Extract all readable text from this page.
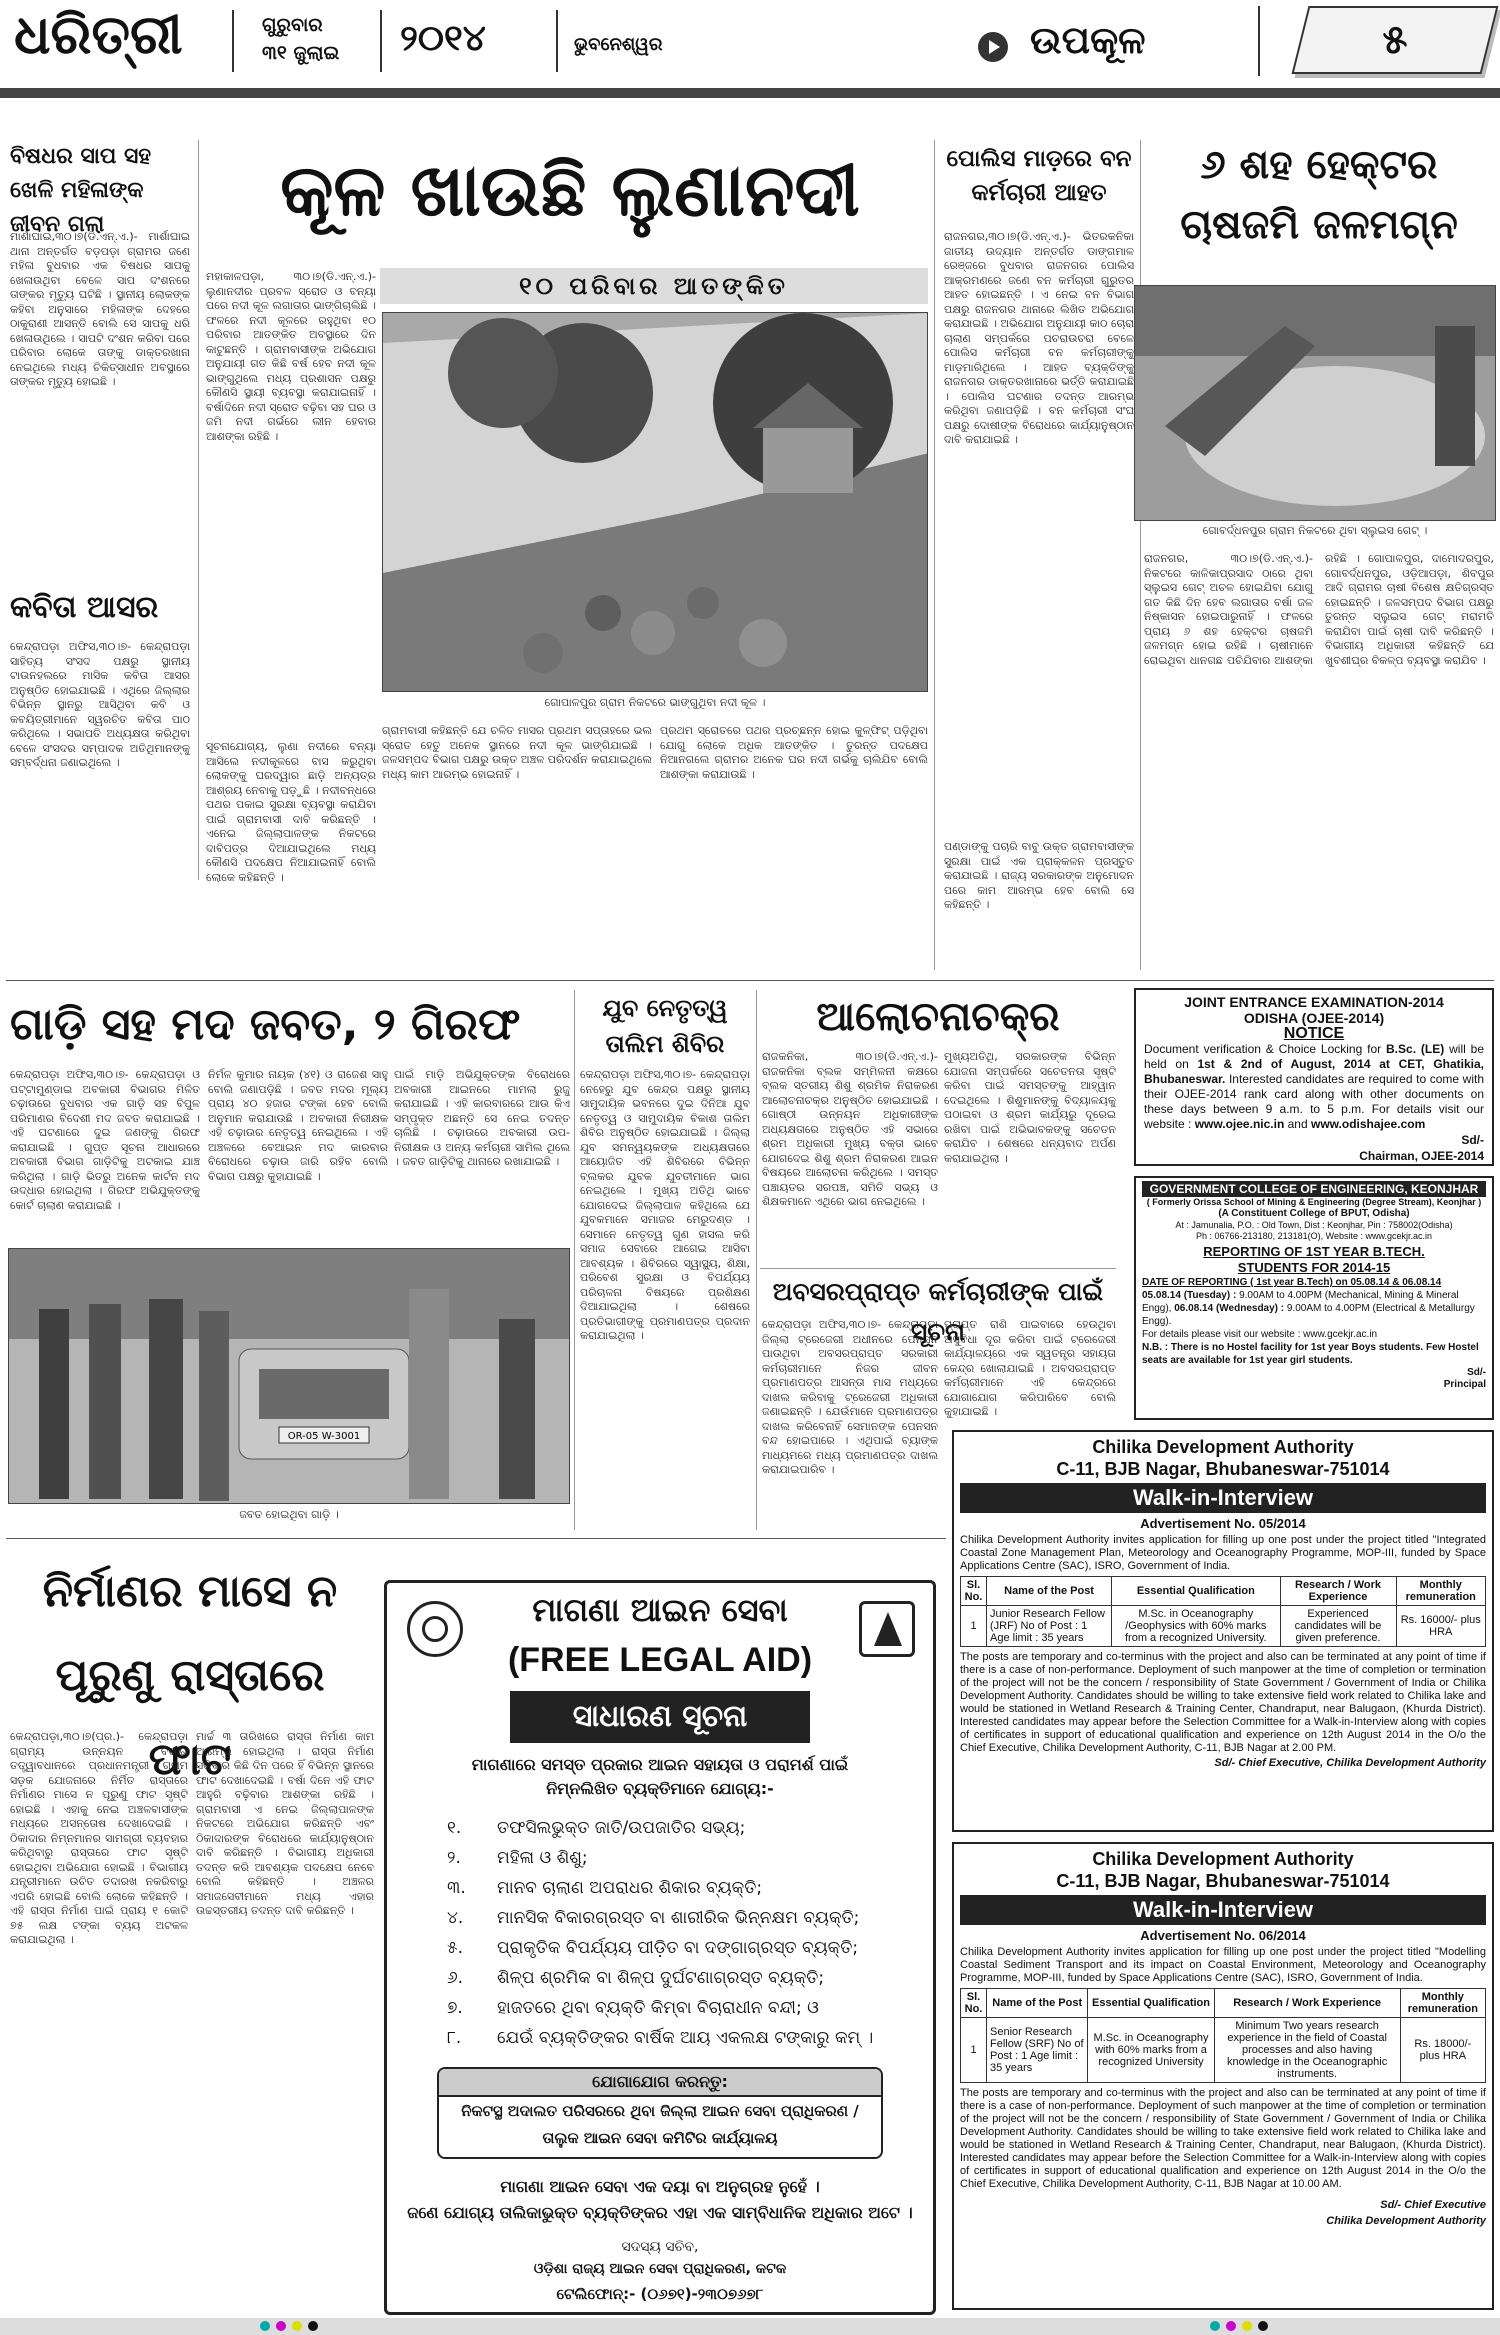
ଧରିତ୍ରୀ	ଗୁରୁବାର
୩୧ ଜୁଲାଇ ୨୦୧୪	ଭୁବନେଶ୍ୱର	ଉପକୂଳ	୫
ବିଷଧର ସାପ ସହ ଖେଳି ମହିଳାଙ୍କ ଜୀବନ ଗଲା
ମାର୍ଶାଘାଇ,୩୦।୭(ଡି.ଏନ୍.ଏ.)- ମାର୍ଶାଘାଇ ଥାନା ଅନ୍ତର୍ଗତ ବଡ଼ପଡ଼ା ଗ୍ରାମର ଜଣେ ମହିଳା ବୁଧବାର ଏକ ବିଷଧର ସାପକୁ ଖେଳାଉଥିବା ବେଳେ ସାପ ଦଂଶନରେ ତାଙ୍କର ମୃତ୍ୟୁ ଘଟିଛି । ସ୍ଥାନୀୟ ଲୋକଙ୍କ କହିବା ଅନୁସାରେ ମହିଳାଙ୍କ ଦେହରେ ଠାକୁରାଣୀ ଆସନ୍ତି ବୋଲି ସେ ସାପକୁ ଧରି ଖେଳାଉଥିଲେ । ସାପଟି ଦଂଶନ କରିବା ପରେ ପରିବାର ଲୋକେ ତାଙ୍କୁ ଡାକ୍ତରଖାନା ନେଇଥିଲେ ମଧ୍ୟ ଚିକିତ୍ସାଧୀନ ଅବସ୍ଥାରେ ତାଙ୍କର ମୃତ୍ୟୁ ହୋଇଛି ।
କବିତା ଆସର
କେନ୍ଦ୍ରାପଡ଼ା ଅଫିସ,୩୦।୭- କେନ୍ଦ୍ରାପଡ଼ା ସାହିତ୍ୟ ସଂସଦ ପକ୍ଷରୁ ସ୍ଥାନୀୟ ଟାଉନହଲରେ ମାସିକ କବିତା ଆସର ଅନୁଷ୍ଠିତ ହୋଇଯାଇଛି । ଏଥିରେ ଜିଲ୍ଲାର ବିଭିନ୍ନ ସ୍ଥାନରୁ ଆସିଥିବା କବି ଓ କବୟିତ୍ରୀମାନେ ସ୍ୱରଚିତ କବିତା ପାଠ କରିଥିଲେ । ସଭାପତି ଅଧ୍ୟକ୍ଷତା କରିଥିବା ବେଳେ ସଂସଦର ସମ୍ପାଦକ ଅତିଥିମାନଙ୍କୁ ସମ୍ବର୍ଦ୍ଧନା ଜଣାଇଥିଲେ ।
କୂଳ ଖାଉଛି ଲୁଣାନଦୀ
୧୦ ପରିବାର ଆତଙ୍କିତ
ମହାକାଳପଡ଼ା, ୩୦।୭(ଡି.ଏନ୍.ଏ.)- ଲୁଣାନଦୀର ପ୍ରବଳ ସ୍ରୋତ ଓ ବନ୍ୟା ପରେ ନଦୀ କୂଳ ଲଗାତାର ଭାଙ୍ଗିଚାଲିଛି । ଫଳରେ ନଦୀ କୂଳରେ ରହୁଥିବା ୧୦ ପରିବାର ଆତଙ୍କିତ ଅବସ୍ଥାରେ ଦିନ କାଟୁଛନ୍ତି । ଗ୍ରାମବାସୀଙ୍କ ଅଭିଯୋଗ ଅନୁଯାୟୀ ଗତ କିଛି ବର୍ଷ ହେବ ନଦୀ କୂଳ ଭାଙ୍ଗୁଥିଲେ ମଧ୍ୟ ପ୍ରଶାସନ ପକ୍ଷରୁ କୌଣସି ସ୍ଥାୟୀ ବ୍ୟବସ୍ଥା କରାଯାଇନାହିଁ । ବର୍ଷାଦିନେ ନଦୀ ସ୍ରୋତ ବଢ଼ିବା ସହ ଘର ଓ ଜମି ନଦୀ ଗର୍ଭରେ ଲୀନ ହେବାର ଆଶଙ୍କା ରହିଛି ।
ଗୋପାଳପୁର ଗ୍ରାମ ନିକଟରେ ଭାଙ୍ଗୁଥିବା ନଦୀ କୂଳ ।
ସୂଚନାଯୋଗ୍ୟ, ଲୁଣା ନଦୀରେ ବନ୍ୟା ଆସିଲେ ନଦୀକୂଳରେ ବାସ କରୁଥିବା ଲୋକଙ୍କୁ ଘରଦ୍ୱାର ଛାଡ଼ି ଅନ୍ୟତ୍ର ଆଶ୍ରୟ ନେବାକୁ ପଡ଼ୁଛି । ନଦୀବନ୍ଧରେ ପଥର ପକାଇ ସୁରକ୍ଷା ବ୍ୟବସ୍ଥା କରାଯିବା ପାଇଁ ଗ୍ରାମବାସୀ ଦାବି କରିଛନ୍ତି । ଏନେଇ ଜିଲ୍ଲାପାଳଙ୍କ ନିକଟରେ ଦାବିପତ୍ର ଦିଆଯାଇଥିଲେ ମଧ୍ୟ କୌଣସି ପଦକ୍ଷେପ ନିଆଯାଇନାହିଁ ବୋଲି ଲୋକେ କହିଛନ୍ତି ।
ଗ୍ରାମବାସୀ କହିଛନ୍ତି ଯେ ଚଳିତ ମାସର ପ୍ରଥମ ସପ୍ତାହରେ ଭଲ ସ୍ରୋତ ହେତୁ ଅନେକ ସ୍ଥାନରେ ନଦୀ କୂଳ ଭାଙ୍ଗିଯାଇଛି । ଜଳସମ୍ପଦ ବିଭାଗ ପକ୍ଷରୁ ଉକ୍ତ ଅଞ୍ଚଳ ପରିଦର୍ଶନ କରାଯାଇଥିଲେ ମଧ୍ୟ କାମ ଆରମ୍ଭ ହୋଇନାହିଁ ।
ପ୍ରଥମ ସ୍ରୋତରେ ପଥର ପ୍ରଚ୍ଛନ୍ନ ହୋଇ କୁଳ୍ଫିଟ୍ ପଡ଼ିଥିବା ଯୋଗୁ ଲୋକେ ଅଧିକ ଆତଙ୍କିତ । ତୁରନ୍ତ ପଦକ୍ଷେପ ନିଆନଗଲେ ଗ୍ରାମର ଅନେକ ଘର ନଦୀ ଗର୍ଭକୁ ଚାଲିଯିବ ବୋଲି ଆଶଙ୍କା କରାଯାଉଛି ।
ପୋଲିସ ମାଡ଼ରେ ବନ କର୍ମଚାରୀ ଆହତ
ରାଜନଗର,୩୦।୭(ଡି.ଏନ୍.ଏ.)- ଭିତରକନିକା ଜାତୀୟ ଉଦ୍ୟାନ ଅନ୍ତର୍ଗତ ଡାଙ୍ଗମାଳ ରେଞ୍ଜରେ ବୁଧବାର ରାଜନଗର ପୋଲିସ ଆକ୍ରମଣରେ ଜଣେ ବନ କର୍ମଚାରୀ ଗୁରୁତର ଆହତ ହୋଇଛନ୍ତି । ଏ ନେଇ ବନ ବିଭାଗ ପକ୍ଷରୁ ରାଜନଗର ଥାନାରେ ଲିଖିତ ଅଭିଯୋଗ କରାଯାଇଛି । ଅଭିଯୋଗ ଅନୁଯାୟୀ କାଠ ଚୋରା ଚାଲାଣ ସମ୍ପର୍କରେ ପଚରାଉଚରା ବେଳେ ପୋଲିସ କର୍ମଚାରୀ ବନ କର୍ମଚାରୀଙ୍କୁ ମାଡ଼ମାରିଥିଲେ । ଆହତ ବ୍ୟକ୍ତିଙ୍କୁ ରାଜନଗର ଡାକ୍ତରଖାନାରେ ଭର୍ତ୍ତି କରାଯାଇଛି । ପୋଲିସ ଘଟଣାର ତଦନ୍ତ ଆରମ୍ଭ କରିଥିବା ଜଣାପଡ଼ିଛି । ବନ କର୍ମଚାରୀ ସଂଘ ପକ୍ଷରୁ ଦୋଷୀଙ୍କ ବିରୋଧରେ କାର୍ଯ୍ୟାନୁଷ୍ଠାନ ଦାବି କରାଯାଇଛି ।
ପଣ୍ଡାଙ୍କୁ ପଚାରି ବାବୁ ଉକ୍ତ ଗ୍ରାମବାସୀଙ୍କ ସୁରକ୍ଷା ପାଇଁ ଏକ ପ୍ରାକ୍କଳନ ପ୍ରସ୍ତୁତ କରାଯାଇଛି । ରାଜ୍ୟ ସରକାରଙ୍କ ଅନୁମୋଦନ ପରେ କାମ ଆରମ୍ଭ ହେବ ବୋଲି ସେ କହିଛନ୍ତି ।
୬ ଶହ ହେକ୍ଟର ଚାଷଜମି ଜଳମଗ୍ନ
ଗୋବର୍ଦ୍ଧନପୁର ଗ୍ରାମ ନିକଟରେ ଥିବା ସ୍ଲୁଇସ ଗେଟ୍ ।
ରାଜନଗର, ୩୦।୭(ଡି.ଏନ୍.ଏ.)- ନିକଟରେ କାଳିକାପ୍ରସାଦ ଠାରେ ଥିବା ସ୍ଲୁଇସ ଗେଟ୍ ଅଚଳ ହୋଇଯିବା ଯୋଗୁ ଗତ କିଛି ଦିନ ହେବ ଲଗାତାର ବର୍ଷା ଜଳ ନିଷ୍କାସନ ହୋଇପାରୁନାହିଁ । ଫଳରେ ପ୍ରାୟ ୬ ଶହ ହେକ୍ଟର ଚାଷଜମି ଜଳମଗ୍ନ ହୋଇ ରହିଛି । ଚାଷୀମାନେ ରୋଇଥିବା ଧାନଗଛ ପଚିଯିବାର ଆଶଙ୍କା ରହିଛି । ଗୋପାଳପୁର, ଦାମୋଦରପୁର, ଗୋବର୍ଦ୍ଧନପୁର, ଓଡ଼ିଆପଡ଼ା, ଶିବପୁର ଆଦି ଗ୍ରାମର ଚାଷୀ ବିଶେଷ କ୍ଷତିଗ୍ରସ୍ତ ହୋଇଛନ୍ତି । ଜଳସମ୍ପଦ ବିଭାଗ ପକ୍ଷରୁ ତୁରନ୍ତ ସ୍ଲୁଇସ ଗେଟ୍ ମରାମତି କରାଯିବା ପାଇଁ ଚାଷୀ ଦାବି କରିଛନ୍ତି । ବିଭାଗୀୟ ଅଧିକାରୀ କହିଛନ୍ତି ଯେ ଖୁବଶୀଘ୍ର ବିକଳ୍ପ ବ୍ୟବସ୍ଥା କରାଯିବ ।
ଗାଡ଼ି ସହ ମଦ ଜବତ, ୨ ଗିରଫ
କେନ୍ଦ୍ରାପଡ଼ା ଅଫିସ,୩୦।୭- କେନ୍ଦ୍ରାପଡ଼ା ଓ ପଟ୍ଟାମୁଣ୍ଡାଇ ଅବକାରୀ ବିଭାଗର ମିଳିତ ଚଢ଼ାଉରେ ବୁଧବାର ଏକ ଗାଡ଼ି ସହ ବିପୁଳ ପରିମାଣର ବିଦେଶୀ ମଦ ଜବତ କରାଯାଇଛି । ଏହି ଘଟଣାରେ ଦୁଇ ଜଣଙ୍କୁ ଗିରଫ କରାଯାଇଛି । ଗୁପ୍ତ ସୂଚନା ଆଧାରରେ ଅବକାରୀ ବିଭାଗ ଗାଡ଼ିଟିକୁ ଅଟକାଇ ଯାଞ୍ଚ କରିଥିଲା । ଗାଡ଼ି ଭିତରୁ ଅନେକ କାର୍ଟନ ମଦ ଉଦ୍ଧାର ହୋଇଥିଲା । ଗିରଫ ଅଭିଯୁକ୍ତଙ୍କୁ କୋର୍ଟ ଚାଲାଣ କରାଯାଇଛି ।
ନିର୍ମଳ କୁମାର ନାୟକ (୪୧) ଓ ରାଜେଶ ସାହୁ ବୋଲି ଜଣାପଡ଼ିଛି । ଜବତ ମଦର ମୂଲ୍ୟ ପ୍ରାୟ ୪୦ ହଜାର ଟଙ୍କା ହେବ ବୋଲି ଅନୁମାନ କରାଯାଉଛି । ଅବକାରୀ ନିରୀକ୍ଷକ ଏହି ଚଢ଼ାଉର ନେତୃତ୍ୱ ନେଇଥିଲେ । ଏହି ଅଞ୍ଚଳରେ ବେଆଇନ ମଦ କାରବାର ବିରୋଧରେ ଚଢ଼ାଉ ଜାରି ରହିବ ବୋଲି ବିଭାଗ ପକ୍ଷରୁ କୁହାଯାଇଛି ।
ପାଇଁ ମାଡ଼ି ଅଭିଯୁକ୍ତଙ୍କ ବିରୋଧରେ ଅବକାରୀ ଆଇନରେ ମାମଲା ରୁଜୁ କରାଯାଇଛି । ଏହି କାରବାରରେ ଆଉ କିଏ ସମ୍ପୃକ୍ତ ଅଛନ୍ତି ସେ ନେଇ ତଦନ୍ତ ଚାଲିଛି । ଚଢ଼ାଉରେ ଅବକାରୀ ଉପ-ନିରୀକ୍ଷକ ଓ ଅନ୍ୟ କର୍ମଚାରୀ ସାମିଲ ଥିଲେ । ଜବତ ଗାଡ଼ିଟିକୁ ଥାନାରେ ରଖାଯାଇଛି ।
OR-05 W-3001
ଜବତ ହୋଇଥିବା ଗାଡ଼ି ।
ଯୁବ ନେତୃତ୍ୱ ତାଲିମ ଶିବିର
କେନ୍ଦ୍ରାପଡ଼ା ଅଫିସ,୩୦।୭- କେନ୍ଦ୍ରାପଡ଼ା ନେହେରୁ ଯୁବ କେନ୍ଦ୍ର ପକ୍ଷରୁ ସ୍ଥାନୀୟ ସାମୁଦାୟିକ ଭବନରେ ଦୁଇ ଦିନିଆ ଯୁବ ନେତୃତ୍ୱ ଓ ସାମୁଦାୟିକ ବିକାଶ ତାଲିମ ଶିବିର ଅନୁଷ୍ଠିତ ହୋଇଯାଇଛି । ଜିଲ୍ଲା ଯୁବ ସମନ୍ୱୟକଙ୍କ ଅଧ୍ୟକ୍ଷତାରେ ଆୟୋଜିତ ଏହି ଶିବିରରେ ବିଭିନ୍ନ ବ୍ଲକର ଯୁବକ ଯୁବତୀମାନେ ଭାଗ ନେଇଥିଲେ । ମୁଖ୍ୟ ଅତିଥି ଭାବେ ଯୋଗଦେଇ ଜିଲ୍ଲାପାଳ କହିଥିଲେ ଯେ ଯୁବକମାନେ ସମାଜର ମେରୁଦଣ୍ଡ । ସେମାନେ ନେତୃତ୍ୱ ଗୁଣ ହାସଲ କରି ସମାଜ ସେବାରେ ଆଗେଇ ଆସିବା ଆବଶ୍ୟକ । ଶିବିରରେ ସ୍ୱାସ୍ଥ୍ୟ, ଶିକ୍ଷା, ପରିବେଶ ସୁରକ୍ଷା ଓ ବିପର୍ଯ୍ୟୟ ପରିଚାଳନା ବିଷୟରେ ପ୍ରଶିକ୍ଷଣ ଦିଆଯାଇଥିଲା । ଶେଷରେ ପ୍ରତିଭାଗୀଙ୍କୁ ପ୍ରମାଣପତ୍ର ପ୍ରଦାନ କରାଯାଇଥିଲା ।
ଆଲୋଚନାଚକ୍ର
ରାଜକନିକା, ୩୦।୭(ଡି.ଏନ୍.ଏ.)- ରାଜକନିକା ବ୍ଲକ ସମ୍ମିଳନୀ କକ୍ଷରେ ବ୍ଲକ ସ୍ତରୀୟ ଶିଶୁ ଶ୍ରମିକ ନିରାକରଣ ଆଲୋଚନାଚକ୍ର ଅନୁଷ୍ଠିତ ହୋଇଯାଇଛି । ଗୋଷ୍ଠୀ ଉନ୍ନୟନ ଅଧିକାରୀଙ୍କ ଅଧ୍ୟକ୍ଷତାରେ ଅନୁଷ୍ଠିତ ଏହି ସଭାରେ ଶ୍ରମ ଅଧିକାରୀ ମୁଖ୍ୟ ବକ୍ତା ଭାବେ ଯୋଗଦେଇ ଶିଶୁ ଶ୍ରମ ନିରାକରଣ ଆଇନ ବିଷୟରେ ଆଲୋଚନା କରିଥିଲେ । ସମସ୍ତ ପଞ୍ଚାୟତର ସରପଞ୍ଚ, ସମିତି ସଭ୍ୟ ଓ ଶିକ୍ଷକମାନେ ଏଥିରେ ଭାଗ ନେଇଥିଲେ ।
ମୁଖ୍ୟଅତିଥି, ସରକାରଙ୍କ ବିଭିନ୍ନ ଯୋଜନା ସମ୍ପର୍କରେ ସଚେତନତା ସୃଷ୍ଟି କରିବା ପାଇଁ ସମସ୍ତଙ୍କୁ ଆହ୍ୱାନ ଦେଇଥିଲେ । ଶିଶୁମାନଙ୍କୁ ବିଦ୍ୟାଳୟକୁ ପଠାଇବା ଓ ଶ୍ରମ କାର୍ଯ୍ୟରୁ ଦୂରେଇ ରଖିବା ପାଇଁ ଅଭିଭାବକଙ୍କୁ ସଚେତନ କରାଯିବ । ଶେଷରେ ଧନ୍ୟବାଦ ଅର୍ପଣ କରାଯାଇଥିଲା ।
ଅବସରପ୍ରାପ୍ତ କର୍ମଚାରୀଙ୍କ ପାଇଁ ସୂଚନା
କେନ୍ଦ୍ରାପଡ଼ା ଅଫିସ,୩୦।୭- କେନ୍ଦ୍ରାପଡ଼ା ଜିଲ୍ଲା ଟ୍ରେଜେରୀ ଅଧୀନରେ ପେନସନ ପାଉଥିବା ଅବସରପ୍ରାପ୍ତ ସରକାରୀ କର୍ମଚାରୀମାନେ ନିଜର ଜୀବନ ପ୍ରମାଣପତ୍ର ଆସନ୍ତା ମାସ ମଧ୍ୟରେ ଦାଖଲ କରିବାକୁ ଟ୍ରେଜେରୀ ଅଧିକାରୀ ଜଣାଇଛନ୍ତି । ଯେଉଁମାନେ ପ୍ରମାଣପତ୍ର ଦାଖଲ କରିବେନାହିଁ ସେମାନଙ୍କ ପେନସନ ବନ୍ଦ ହୋଇପାରେ । ଏଥିପାଇଁ ବ୍ୟାଙ୍କ ମାଧ୍ୟମରେ ମଧ୍ୟ ପ୍ରମାଣପତ୍ର ଦାଖଲ କରାଯାଇପାରିବ ।
ପ୍ରାପ୍ତ ରାଶି ପାଇବାରେ ହେଉଥିବା ଅସୁବିଧା ଦୂର କରିବା ପାଇଁ ଟ୍ରେଜେରୀ କାର୍ଯ୍ୟାଳୟରେ ଏକ ସ୍ୱତନ୍ତ୍ର ସହାୟତା କେନ୍ଦ୍ର ଖୋଲାଯାଇଛି । ଅବସରପ୍ରାପ୍ତ କର୍ମଚାରୀମାନେ ଏହି କେନ୍ଦ୍ରରେ ଯୋଗାଯୋଗ କରିପାରିବେ ବୋଲି କୁହାଯାଇଛି ।
JOINT ENTRANCE EXAMINATION-2014
ODISHA (OJEE-2014)
NOTICE
Document verification & Choice Locking for B.Sc. (LE) will be held on 1st & 2nd of August, 2014 at CET, Ghatikia, Bhubaneswar. Interested candidates are required to come with their OJEE-2014 rank card along with other documents on these days between 9 a.m. to 5 p.m. For details visit our website : www.ojee.nic.in and www.odishajee.com
Sd/-
Chairman, OJEE-2014
GOVERNMENT COLLEGE OF ENGINEERING, KEONJHAR
( Formerly Orissa School of Mining & Engineering (Degree Stream), Keonjhar )
(A Constituent College of BPUT, Odisha)
At : Jamunalia, P.O. : Old Town, Dist : Keonjhar, Pin : 758002(Odisha)
Ph : 06766-213180, 213181(O), Website : www.gcekjr.ac.in
REPORTING OF 1ST YEAR B.TECH.
STUDENTS FOR 2014-15
DATE OF REPORTING ( 1st year B.Tech) on 05.08.14 & 06.08.14
05.08.14 (Tuesday) : 9.00AM to 4.00PM (Mechanical, Mining & Mineral Engg), 06.08.14 (Wednesday) : 9.00AM to 4.00PM (Electrical & Metallurgy Engg).
For details please visit our website : www.gcekjr.ac.in
N.B. : There is no Hostel facility for 1st year Boys students. Few Hostel seats are available for 1st year girl students.
Sd/-
Principal
ନିର୍ମାଣର ମାସେ ନ ପୂରୁଣୁ ରାସ୍ତାରେ ଫାଟ
କେନ୍ଦ୍ରାପଡ଼ା,୩୦।୭(ପ୍ର.)- କେନ୍ଦ୍ରାପଡ଼ା ଗ୍ରାମ୍ୟ ଉନ୍ନୟନ ବିଭାଗ ତତ୍ତ୍ୱାବଧାନରେ ପ୍ରଧାନମନ୍ତ୍ରୀ ଗ୍ରାମ ସଡ଼କ ଯୋଜନାରେ ନିର୍ମିତ ରାସ୍ତାରେ ନିର୍ମାଣର ମାସେ ନ ପୂରୁଣୁ ଫାଟ ସୃଷ୍ଟି ହୋଇଛି । ଏହାକୁ ନେଇ ଅଞ୍ଚଳବାସୀଙ୍କ ମଧ୍ୟରେ ଅସନ୍ତୋଷ ଦେଖାଦେଇଛି । ଠିକାଦାର ନିମ୍ନମାନର ସାମଗ୍ରୀ ବ୍ୟବହାର କରିଥିବାରୁ ରାସ୍ତାରେ ଫାଟ ସୃଷ୍ଟି ହୋଇଥିବା ଅଭିଯୋଗ ହୋଇଛି । ବିଭାଗୀୟ ଯନ୍ତ୍ରୀମାନେ ଉଚିତ ତଦାରଖ ନକରିବାରୁ ଏପରି ହୋଇଛି ବୋଲି ଲୋକେ କହିଛନ୍ତି । ଏହି ରାସ୍ତା ନିର୍ମାଣ ପାଇଁ ପ୍ରାୟ ୧ କୋଟି ୭୫ ଲକ୍ଷ ଟଙ୍କା ବ୍ୟୟ ଅଟକଳ କରାଯାଇଥିଲା ।
ମାର୍ଚ୍ଚ ୩ ତାରିଖରେ ରାସ୍ତା ନିର୍ମାଣ କାମ ଆରମ୍ଭ ହୋଇଥିଲା । ରାସ୍ତା ନିର୍ମାଣ ସରିବାର କିଛି ଦିନ ପରେ ହିଁ ବିଭିନ୍ନ ସ୍ଥାନରେ ଫାଟ ଦେଖାଦେଇଛି । ବର୍ଷା ଦିନେ ଏହି ଫାଟ ଆହୁରି ବଢ଼ିବାର ଆଶଙ୍କା ରହିଛି । ଗ୍ରାମବାସୀ ଏ ନେଇ ଜିଲ୍ଲାପାଳଙ୍କ ନିକଟରେ ଅଭିଯୋଗ କରିଛନ୍ତି ଏବଂ ଠିକାଦାରଙ୍କ ବିରୋଧରେ କାର୍ଯ୍ୟାନୁଷ୍ଠାନ ଦାବି କରିଛନ୍ତି । ବିଭାଗୀୟ ଅଧିକାରୀ ତଦନ୍ତ କରି ଆବଶ୍ୟକ ପଦକ୍ଷେପ ନେବେ ବୋଲି କହିଛନ୍ତି । ଅଞ୍ଚଳର ସମାଜସେବୀମାନେ ମଧ୍ୟ ଏହାର ଉଚ୍ଚସ୍ତରୀୟ ତଦନ୍ତ ଦାବି କରିଛନ୍ତି ।
ମାଗଣା ଆଇନ ସେବା
(FREE LEGAL AID)
ସାଧାରଣ ସୂଚନା
ମାଗଣାରେ ସମସ୍ତ ପ୍ରକାର ଆଇନ ସହାୟତା ଓ ପରାମର୍ଶ ପାଇଁ
ନିମ୍ନଲିଖିତ ବ୍ୟକ୍ତିମାନେ ଯୋଗ୍ୟ:-
୧. ତଫସିଲଭୁକ୍ତ ଜାତି/ଉପଜାତିର ସଭ୍ୟ;
୨. ମହିଳା ଓ ଶିଶୁ;
୩. ମାନବ ଚାଲାଣ ଅପରାଧର ଶିକାର ବ୍ୟକ୍ତି;
୪. ମାନସିକ ବିକାରଗ୍ରସ୍ତ ବା ଶାରୀରିକ ଭିନ୍ନକ୍ଷମ ବ୍ୟକ୍ତି;
୫. ପ୍ରାକୃତିକ ବିପର୍ଯ୍ୟୟ ପୀଡ଼ିତ ବା ଦଙ୍ଗାଗ୍ରସ୍ତ ବ୍ୟକ୍ତି;
୬. ଶିଳ୍ପ ଶ୍ରମିକ ବା ଶିଳ୍ପ ଦୁର୍ଘଟଣାଗ୍ରସ୍ତ ବ୍ୟକ୍ତି;
୭. ହାଜତରେ ଥିବା ବ୍ୟକ୍ତି କିମ୍ବା ବିଚାରାଧୀନ ବନ୍ଦୀ; ଓ
୮. ଯେଉଁ ବ୍ୟକ୍ତିଙ୍କର ବାର୍ଷିକ ଆୟ ଏକଲକ୍ଷ ଟଙ୍କାରୁ କମ୍ ।
ଯୋଗାଯୋଗ କରନ୍ତୁ:
ନିକଟସ୍ଥ ଅଦାଲତ ପରିସରରେ ଥିବା ଜିଲ୍ଲା ଆଇନ ସେବା ପ୍ରାଧିକରଣ /
ତାଲୁକ ଆଇନ ସେବା କମିଟିର କାର୍ଯ୍ୟାଳୟ
ମାଗଣା ଆଇନ ସେବା ଏକ ଦୟା ବା ଅନୁଗ୍ରହ ନୁହେଁ ।
ଜଣେ ଯୋଗ୍ୟ ତାଲିକାଭୁକ୍ତ ବ୍ୟକ୍ତିଙ୍କର ଏହା ଏକ ସାମ୍ବିଧାନିକ ଅଧିକାର ଅଟେ ।
ସଦସ୍ୟ ସଚିବ,
ଓଡ଼ିଶା ରାଜ୍ୟ ଆଇନ ସେବା ପ୍ରାଧିକରଣ, କଟକ
ଟେଲିଫୋନ୍:- (୦୬୭୧)-୨୩୦୭୬୭୮
Chilika Development Authority
C-11, BJB Nagar, Bhubaneswar-751014
Walk-in-Interview
Advertisement No. 05/2014
Chilika Development Authority invites application for filling up one post under the project titled "Integrated Coastal Zone Management Plan, Meteorology and Oceanography Programme, MOP-III, funded by Space Applications Centre (SAC), ISRO, Government of India.
Sl. No.	Name of the Post	Essential Qualification	Research / Work Experience	Monthly remuneration
1	Junior Research Fellow (JRF) No of Post : 1 Age limit : 35 years	M.Sc. in Oceanography /Geophysics with 60% marks from a recognized University.	Experienced candidates will be given preference.	Rs. 16000/- plus HRA
The posts are temporary and co-terminus with the project and also can be terminated at any point of time if there is a case of non-performance. Deployment of such manpower at the time of completion or termination of the project will not be the concern / responsibility of State Government / Government of India or Chilika Development Authority. Candidates should be willing to take extensive field work related to Chilika lake and would be stationed in Wetland Research & Training Center, Chandraput, near Balugaon, (Khurda District). Interested candidates may appear before the Selection Committee for a Walk-in-Interview along with copies of certificates in support of educational qualification and experience on 12th August 2014 in the O/o the Chief Executive, Chilika Development Authority, C-11, BJB Nagar at 2.00 PM.
Sd/- Chief Executive, Chilika Development Authority
Chilika Development Authority
C-11, BJB Nagar, Bhubaneswar-751014
Walk-in-Interview
Advertisement No. 06/2014
Chilika Development Authority invites application for filling up one post under the project titled "Modelling Coastal Sediment Transport and its impact on Coastal Environment, Meteorology and Oceanography Programme, MOP-III, funded by Space Applications Centre (SAC), ISRO, Government of India.
Sl. No.	Name of the Post	Essential Qualification	Research / Work Experience	Monthly remuneration
1	Senior Research Fellow (SRF) No of Post : 1 Age limit : 35 years	M.Sc. in Oceanography with 60% marks from a recognized University	Minimum Two years research experience in the field of Coastal processes and also having knowledge in the Oceanographic instruments.	Rs. 18000/- plus HRA
The posts are temporary and co-terminus with the project and also can be terminated at any point of time if there is a case of non-performance. Deployment of such manpower at the time of completion or termination of the project will not be the concern / responsibility of State Government / Government of India or Chilika Development Authority. Candidates should be willing to take extensive field work related to Chilika lake and would be stationed in Wetland Research & Training Center, Chandraput, near Balugaon, (Khurda District). Interested candidates may appear before the Selection Committee for a Walk-in-Interview along with copies of certificates in support of educational qualification and experience on 12th August 2014 in the O/o the Chief Executive, Chilika Development Authority, C-11, BJB Nagar at 10.00 AM.
Sd/- Chief Executive
Chilika Development Authority
